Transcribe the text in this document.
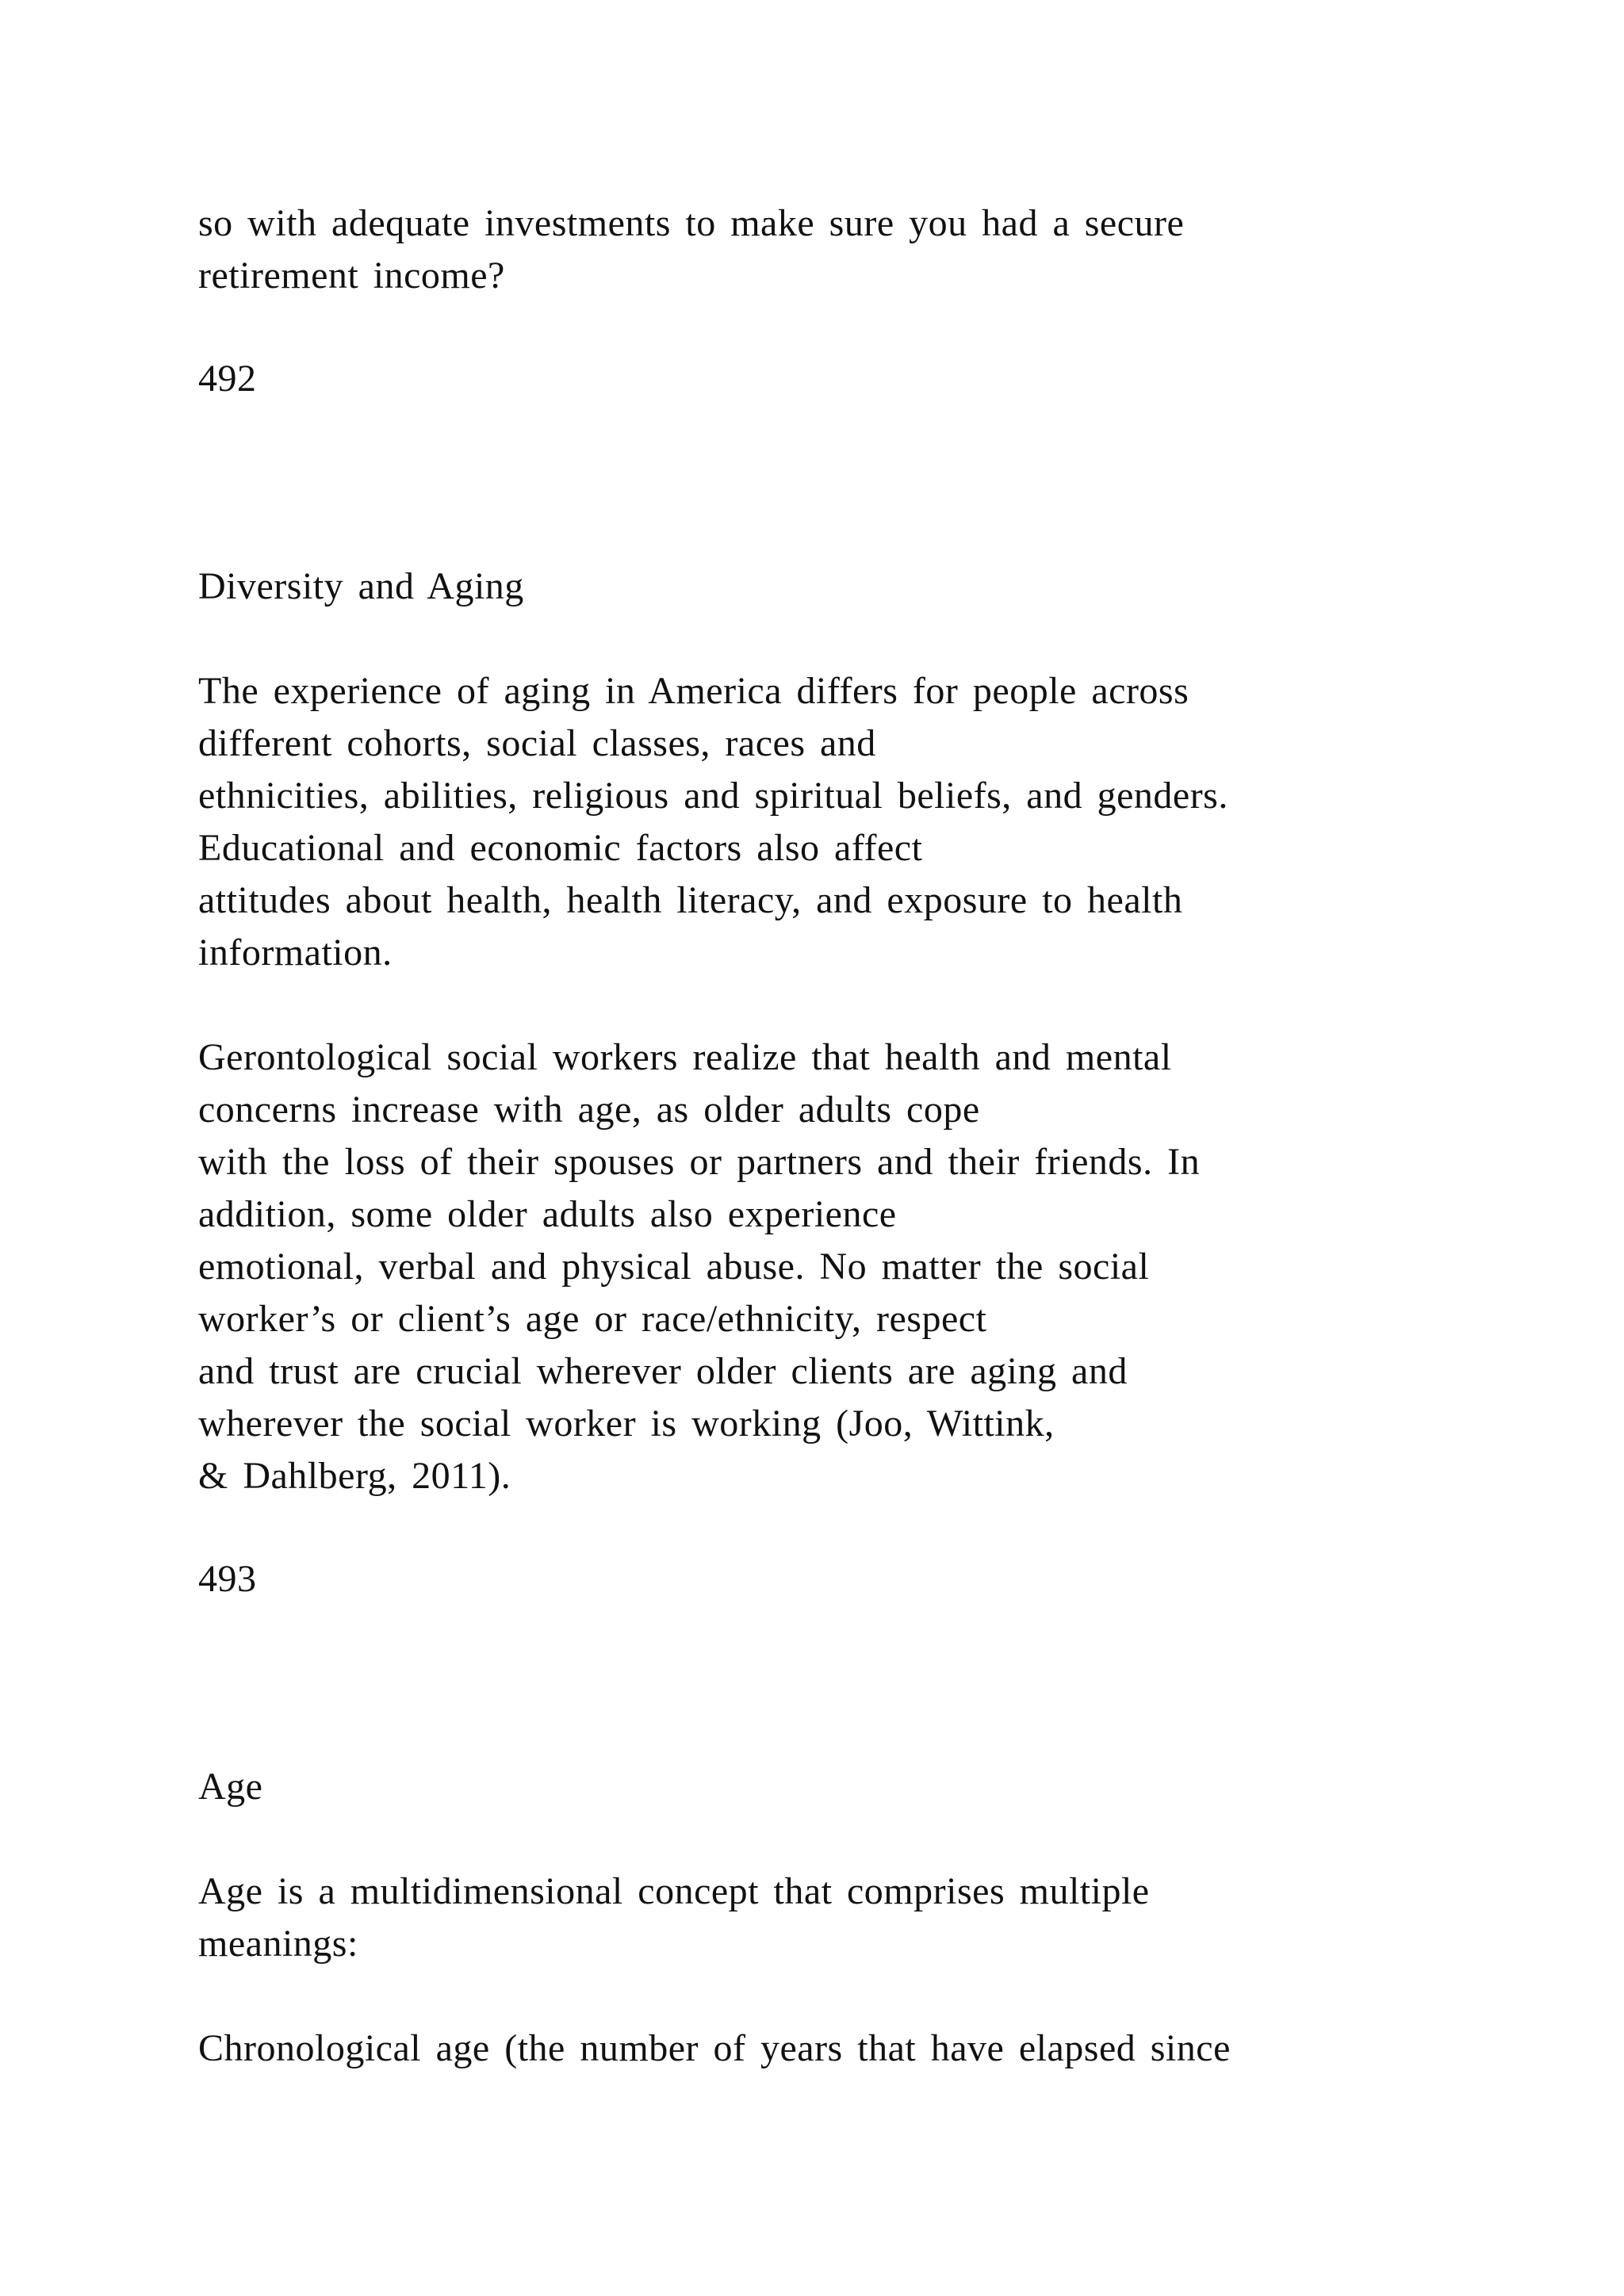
so with adequate investments to make sure you had a secure

retirement income?

492

Diversity and Aging

The experience of aging in America differs for people across

different cohorts, social classes, races and

ethnicities, abilities, religious and spiritual beliefs, and genders.

Educational and economic factors also affect

attitudes about health, health literacy, and exposure to health

information.

Gerontological social workers realize that health and mental

concerns increase with age, as older adults cope

with the loss of their spouses or partners and their friends. In

addition, some older adults also experience

emotional, verbal and physical abuse. No matter the social

worker’s or client’s age or race/ethnicity, respect

and trust are crucial wherever older clients are aging and

wherever the social worker is working (Joo, Wittink,

& Dahlberg, 2011).

493

Age

Age is a multidimensional concept that comprises multiple

meanings:

Chronological age (the number of years that have elapsed since
